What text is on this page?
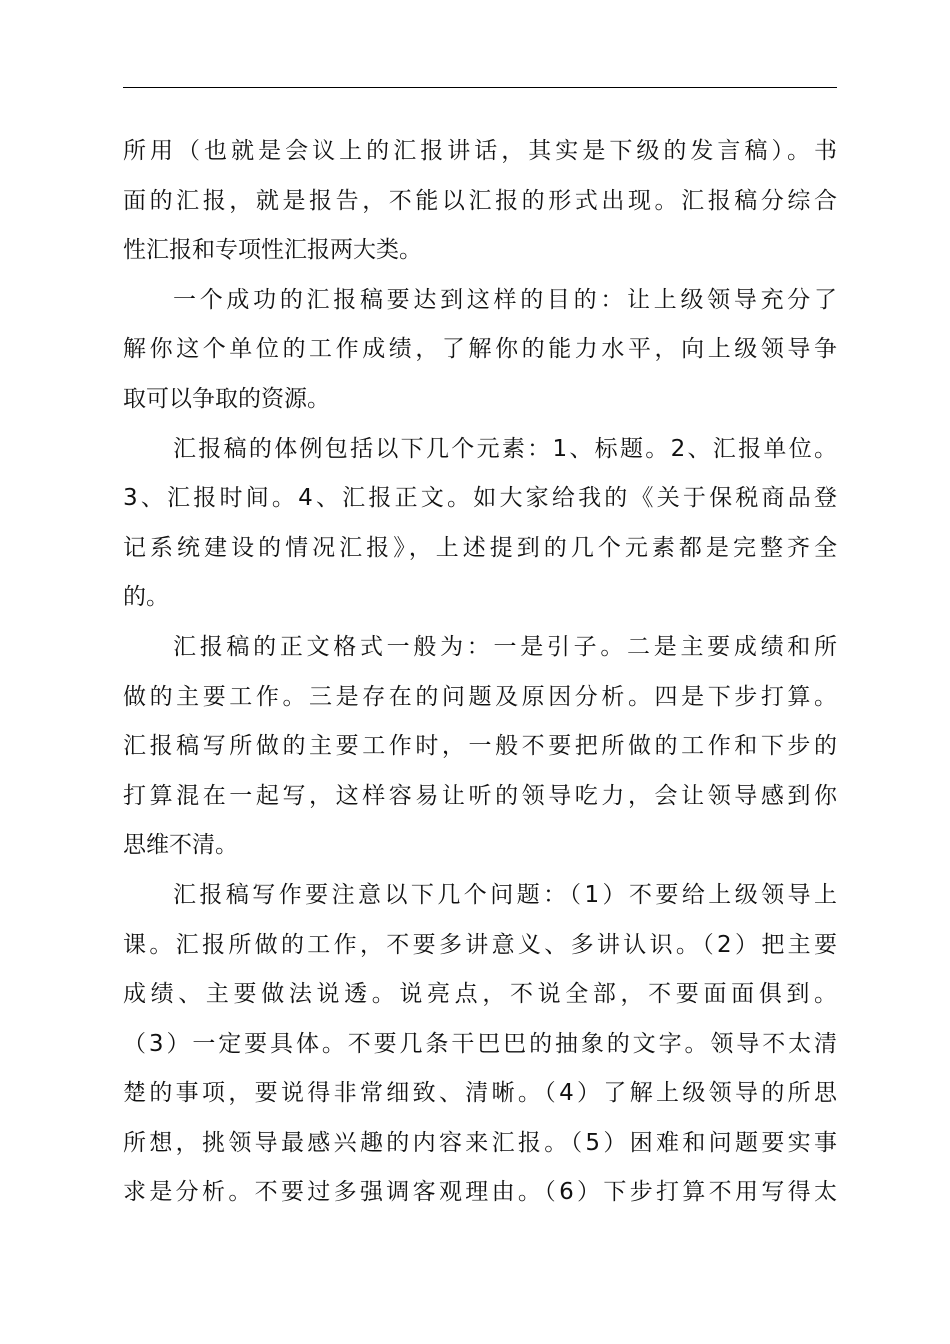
所用（也就是会议上的汇报讲话，其实是下级的发言稿）。书
面的汇报，就是报告，不能以汇报的形式出现。汇报稿分综合
性汇报和专项性汇报两大类。
一个成功的汇报稿要达到这样的目的：让上级领导充分了
解你这个单位的工作成绩，了解你的能力水平，向上级领导争
取可以争取的资源。
汇报稿的体例包括以下几个元素：1、标题。2、汇报单位。
3、汇报时间。4、汇报正文。如大家给我的《关于保税商品登
记系统建设的情况汇报》，上述提到的几个元素都是完整齐全
的。
汇报稿的正文格式一般为：一是引子。二是主要成绩和所
做的主要工作。三是存在的问题及原因分析。四是下步打算。
汇报稿写所做的主要工作时，一般不要把所做的工作和下步的
打算混在一起写，这样容易让听的领导吃力，会让领导感到你
思维不清。
汇报稿写作要注意以下几个问题：（1）不要给上级领导上
课。汇报所做的工作，不要多讲意义、多讲认识。（2）把主要
成绩、主要做法说透。说亮点，不说全部，不要面面俱到。
（3）一定要具体。不要几条干巴巴的抽象的文字。领导不太清
楚的事项，要说得非常细致、清晰。（4）了解上级领导的所思
所想，挑领导最感兴趣的内容来汇报。（5）困难和问题要实事
求是分析。不要过多强调客观理由。（6）下步打算不用写得太
